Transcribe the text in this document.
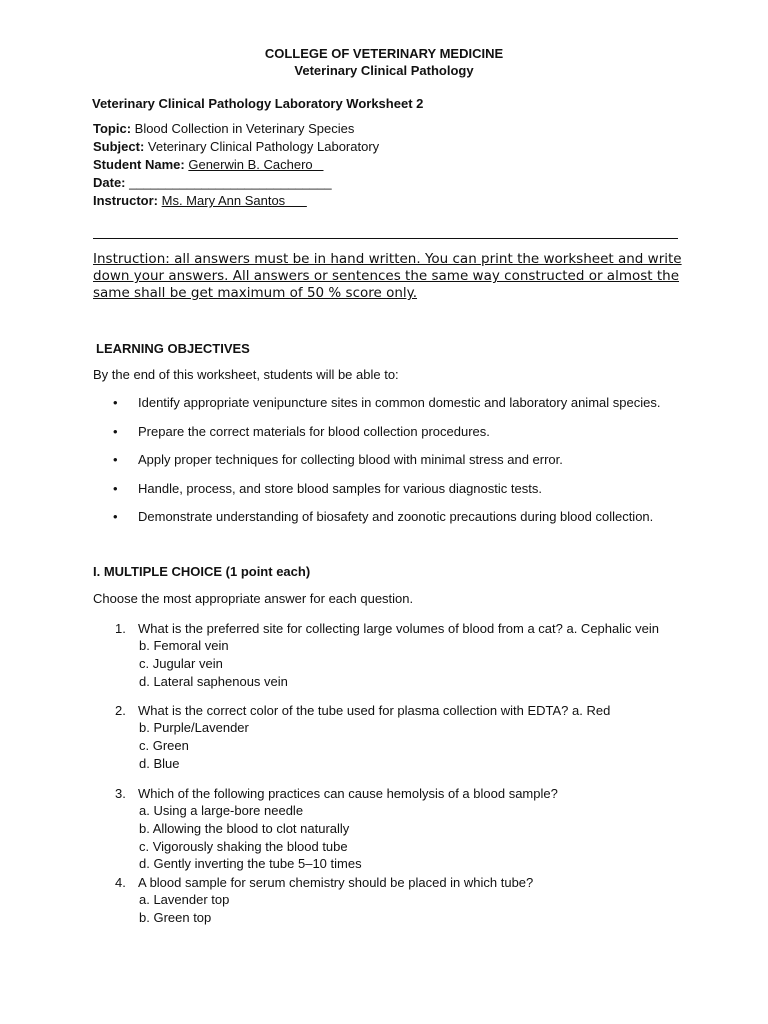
COLLEGE OF VETERINARY MEDICINE
Veterinary Clinical Pathology
Veterinary Clinical Pathology Laboratory Worksheet 2
Topic: Blood Collection in Veterinary Species
Subject: Veterinary Clinical Pathology Laboratory
Student Name: Generwin B. Cachero
Date: ____________________________
Instructor: Ms. Mary Ann Santos
Instruction: all answers must be in hand written. You can print the worksheet and write down your answers. All answers or sentences the same way constructed or almost the same shall be get maximum of 50 % score only.
LEARNING OBJECTIVES
By the end of this worksheet, students will be able to:
• Identify appropriate venipuncture sites in common domestic and laboratory animal species.
• Prepare the correct materials for blood collection procedures.
• Apply proper techniques for collecting blood with minimal stress and error.
• Handle, process, and store blood samples for various diagnostic tests.
• Demonstrate understanding of biosafety and zoonotic precautions during blood collection.
I. MULTIPLE CHOICE (1 point each)
Choose the most appropriate answer for each question.
1. What is the preferred site for collecting large volumes of blood from a cat? a. Cephalic vein
b. Femoral vein
c. Jugular vein
d. Lateral saphenous vein
2. What is the correct color of the tube used for plasma collection with EDTA? a. Red
b. Purple/Lavender
c. Green
d. Blue
3. Which of the following practices can cause hemolysis of a blood sample?
a. Using a large-bore needle
b. Allowing the blood to clot naturally
c. Vigorously shaking the blood tube
d. Gently inverting the tube 5–10 times
4. A blood sample for serum chemistry should be placed in which tube?
a. Lavender top
b. Green top
